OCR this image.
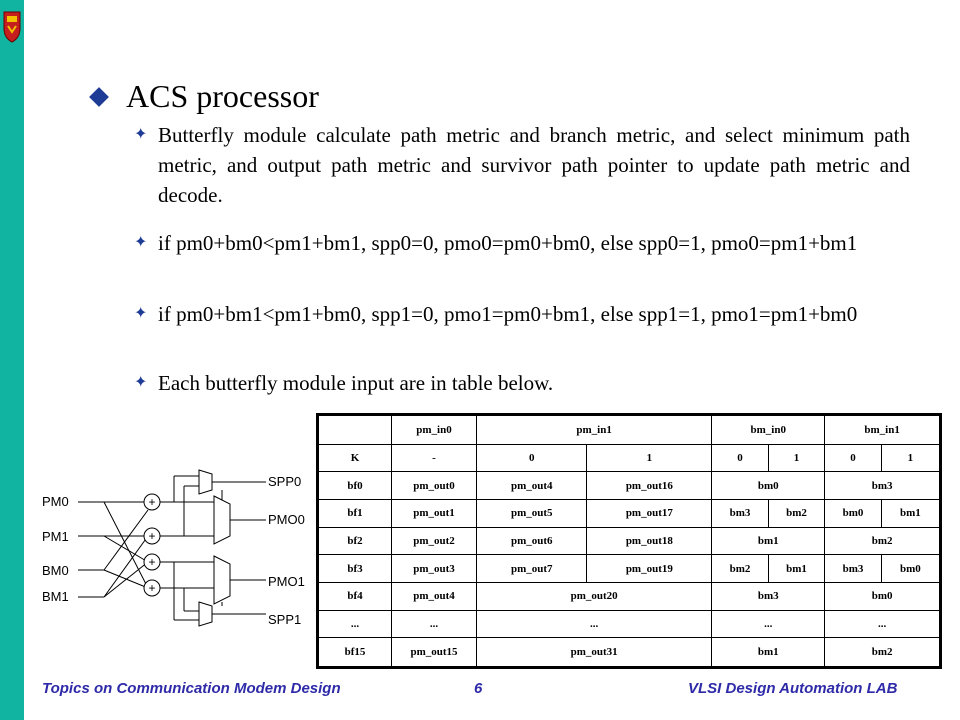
ACS processor
✦ Butterfly module calculate path metric and branch metric, and select minimum path metric, and output path metric and survivor path pointer to update path metric and decode.
✦ if pm0+bm0<pm1+bm1, spp0=0, pmo0=pm0+bm0, else spp0=1, pmo0=pm1+bm1
✦ if pm0+bm1<pm1+bm0, spp1=0, pmo1=pm0+bm1, else spp1=1, pmo1=pm1+bm0
✦ Each butterfly module input are in table below.
PM0
PM1
BM0
BM1
SPP0
PMO0
PMO1
SPP1
+
+
+
+
	pm_in0	pm_in1		bm_in0		bm_in1	
K	-	0	1	0	1	0	1
bf0	pm_out0	pm_out4	pm_out16	bm0		bm3	
bf1	pm_out1	pm_out5	pm_out17	bm3	bm2	bm0	bm1
bf2	pm_out2	pm_out6	pm_out18	bm1		bm2	
bf3	pm_out3	pm_out7	pm_out19	bm2	bm1	bm3	bm0
bf4	pm_out4	pm_out20		bm3		bm0	
...	...	...		...		...	
bf15	pm_out15	pm_out31		bm1		bm2	
Topics on Communication Modem Design	6	VLSI Design Automation LAB
